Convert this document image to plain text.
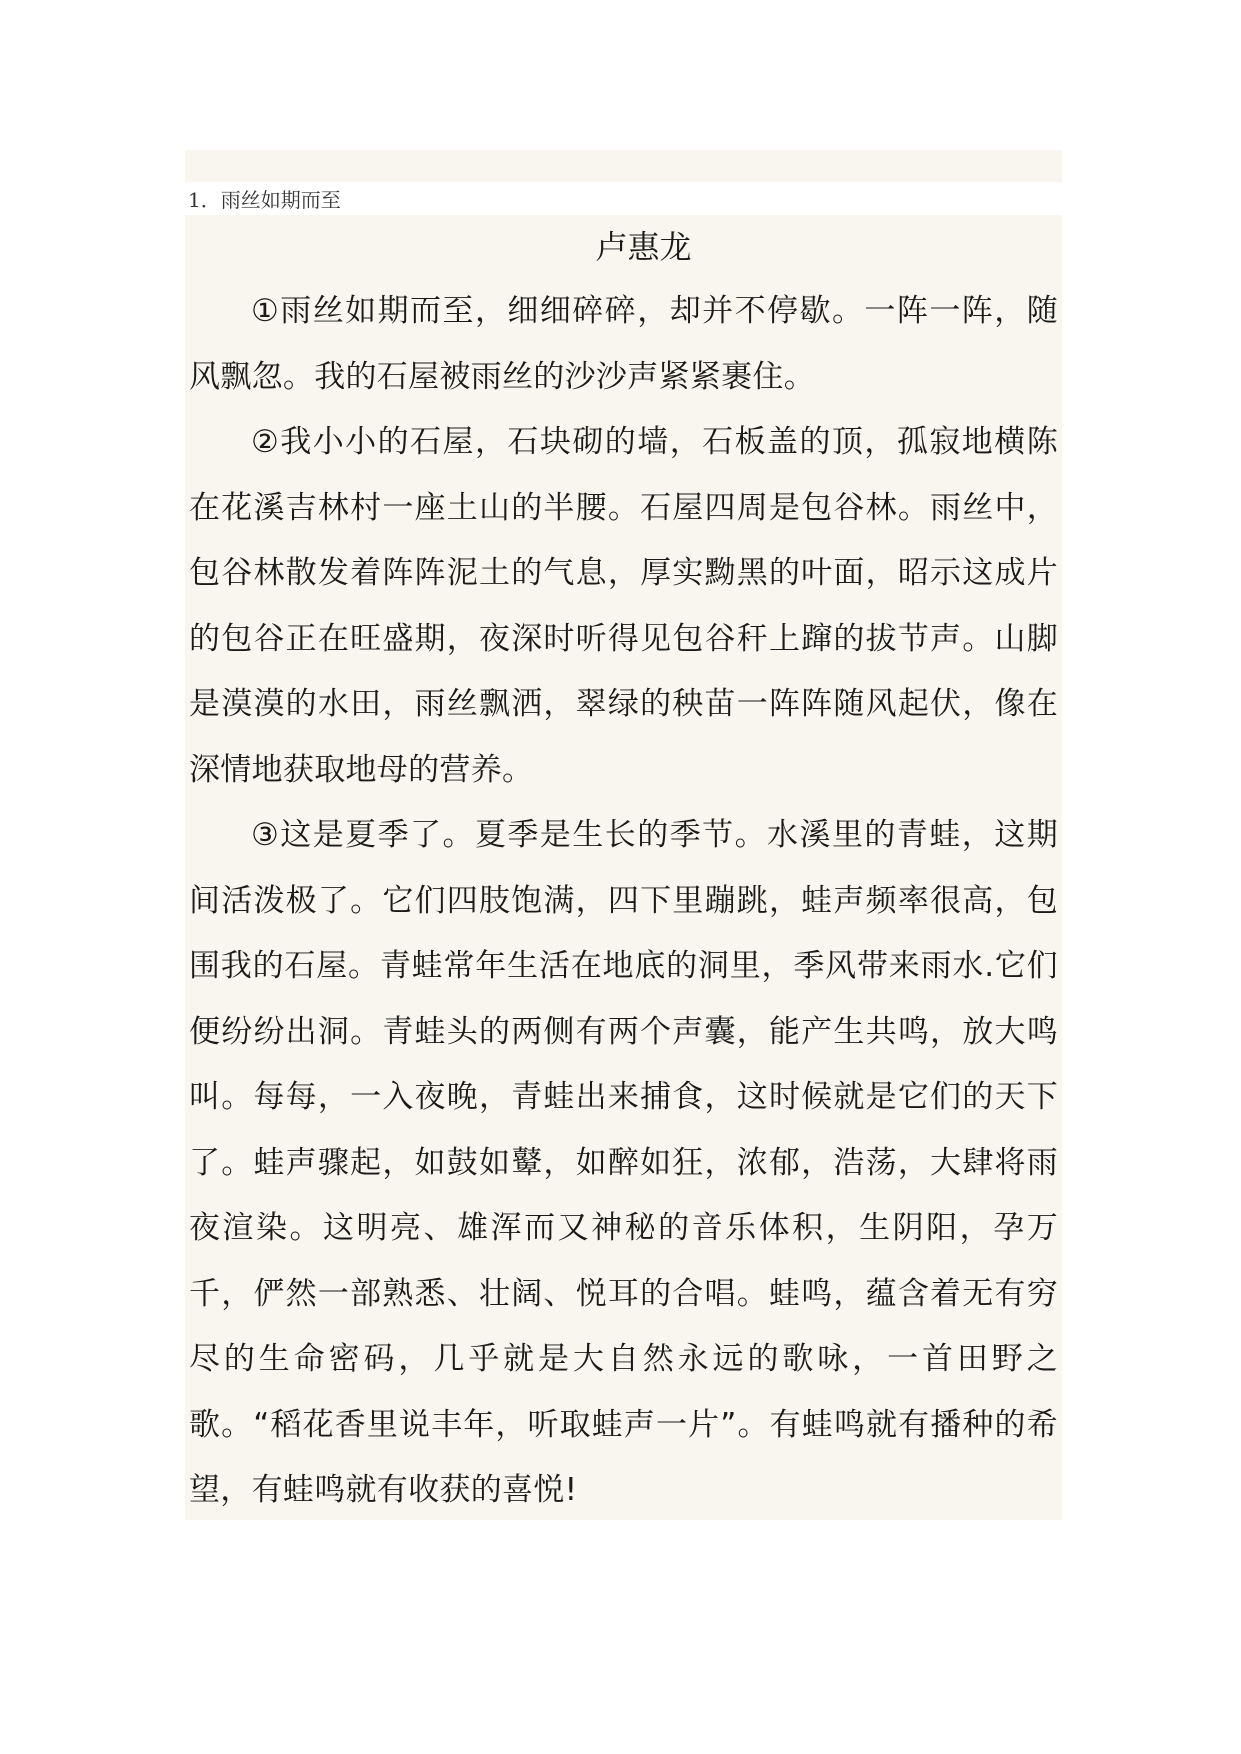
1．雨丝如期而至

卢惠龙

①雨丝如期而至，细细碎碎，却并不停歇。一阵一阵，随风飘忽。我的石屋被雨丝的沙沙声紧紧裹住。

②我小小的石屋，石块砌的墙，石板盖的顶，孤寂地横陈在花溪吉林村一座土山的半腰。石屋四周是包谷林。雨丝中，包谷林散发着阵阵泥土的气息，厚实黝黑的叶面，昭示这成片的包谷正在旺盛期，夜深时听得见包谷秆上蹿的拔节声。山脚是漠漠的水田，雨丝飘洒，翠绿的秧苗一阵阵随风起伏，像在深情地获取地母的营养。

③这是夏季了。夏季是生长的季节。水溪里的青蛙，这期间活泼极了。它们四肢饱满，四下里蹦跳，蛙声频率很高，包围我的石屋。青蛙常年生活在地底的洞里，季风带来雨水.它们便纷纷出洞。青蛙头的两侧有两个声囊，能产生共鸣，放大鸣叫。每每，一入夜晚，青蛙出来捕食，这时候就是它们的天下了。蛙声骤起，如鼓如鼙，如醉如狂，浓郁，浩荡，大肆将雨夜渲染。这明亮、雄浑而又神秘的音乐体积，生阴阳，孕万千，俨然一部熟悉、壮阔、悦耳的合唱。蛙鸣，蕴含着无有穷尽的生命密码，几乎就是大自然永远的歌咏，一首田野之歌。“稻花香里说丰年，听取蛙声一片”。有蛙鸣就有播种的希望，有蛙鸣就有收获的喜悦!
